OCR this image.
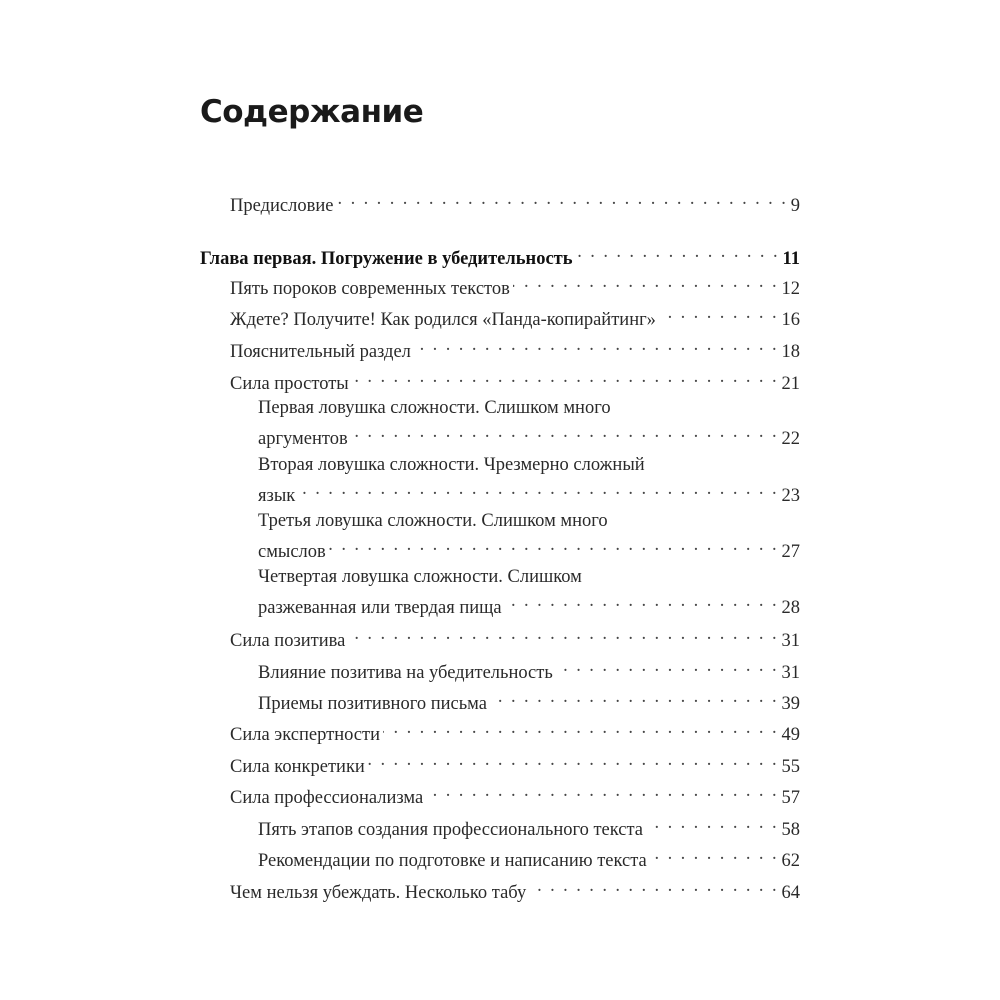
Содержание
Предисловие . . .	9
Глава первая. Погружение в убедительность . . .	11
Пять пороков современных текстов . . .	12
Ждете? Получите! Как родился «Панда-копирайтинг» . . .	16
Пояснительный раздел . . .	18
Сила простоты . . .	21
Первая ловушка сложности. Слишком много
аргументов . . .	22
Вторая ловушка сложности. Чрезмерно сложный
язык . . .	23
Третья ловушка сложности. Слишком много
смыслов . . .	27
Четвертая ловушка сложности. Слишком
разжеванная или твердая пища . . .	28
Сила позитива . . .	31
Влияние позитива на убедительность . . .	31
Приемы позитивного письма . . .	39
Сила экспертности . . .	49
Сила конкретики . . .	55
Сила профессионализма . . .	57
Пять этапов создания профессионального текста . . .	58
Рекомендации по подготовке и написанию текста . . .	62
Чем нельзя убеждать. Несколько табу . . .	64
